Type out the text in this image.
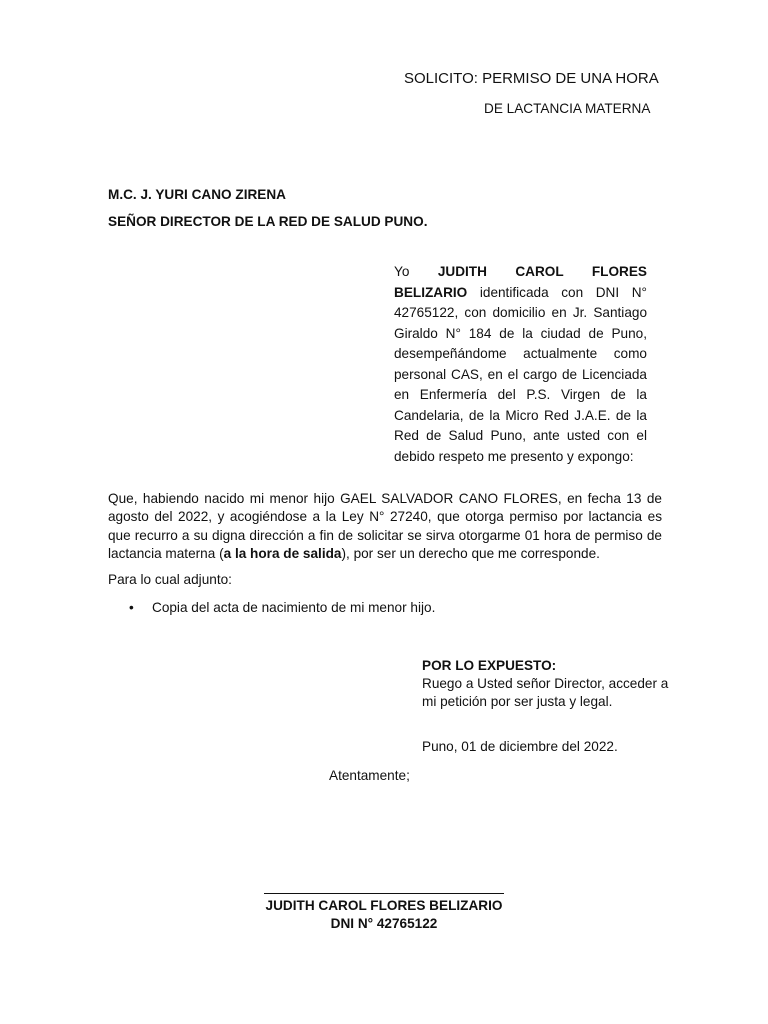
SOLICITO: PERMISO DE UNA HORA
DE LACTANCIA MATERNA
M.C. J. YURI CANO ZIRENA
SEÑOR DIRECTOR DE LA RED DE SALUD PUNO.
Yo JUDITH CAROL FLORES BELIZARIO identificada con DNI N° 42765122, con domicilio en Jr. Santiago Giraldo N° 184 de la ciudad de Puno, desempeñándome actualmente como personal CAS, en el cargo de Licenciada en Enfermería del P.S. Virgen de la Candelaria, de la Micro Red J.A.E. de la Red de Salud Puno, ante usted con el debido respeto me presento y expongo:
Que, habiendo nacido mi menor hijo GAEL SALVADOR CANO FLORES, en fecha 13 de agosto del 2022, y acogiéndose a la Ley N° 27240, que otorga permiso por lactancia es que recurro a su digna dirección a fin de solicitar se sirva otorgarme 01 hora de permiso de lactancia materna (a la hora de salida), por ser un derecho que me corresponde.
Para lo cual adjunto:
• Copia del acta de nacimiento de mi menor hijo.
POR LO EXPUESTO:
Ruego a Usted señor Director, acceder a mi petición por ser justa y legal.
Puno, 01 de diciembre del 2022.
Atentamente;
JUDITH CAROL FLORES BELIZARIO
DNI N° 42765122
